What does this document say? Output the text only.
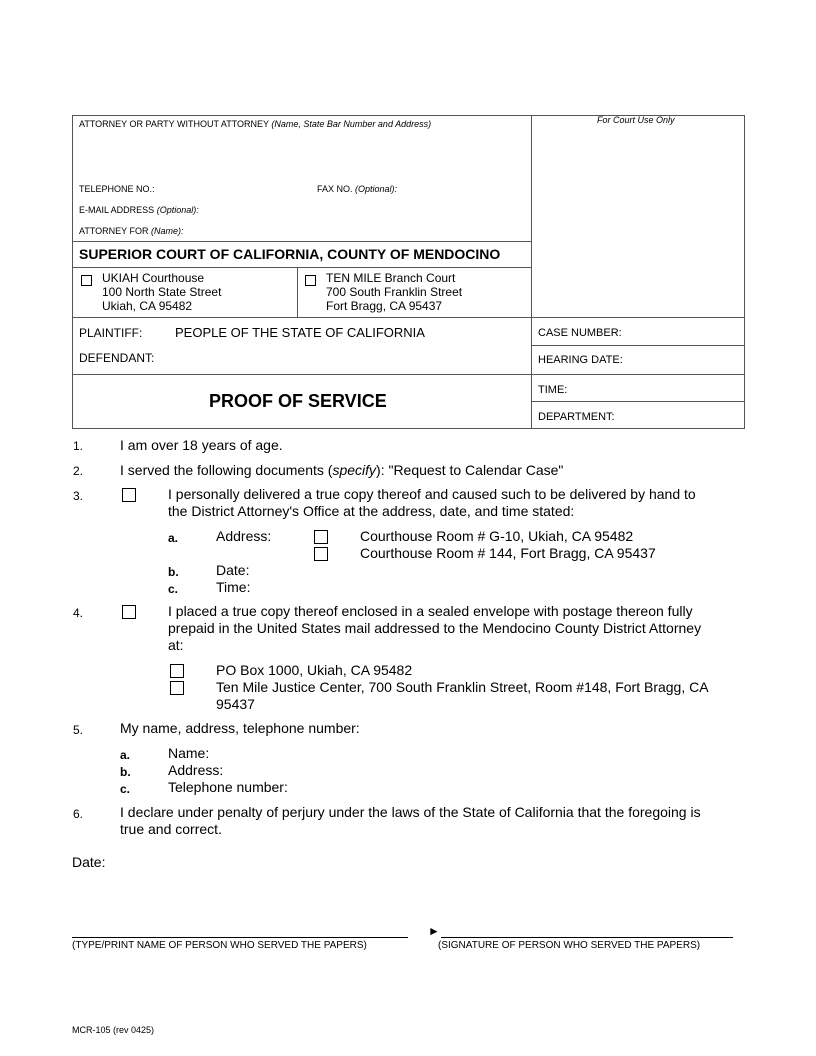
ATTORNEY OR PARTY WITHOUT ATTORNEY (Name, State Bar Number and Address)	For Court Use Only
TELEPHONE NO.:	FAX NO. (Optional):
E-MAIL ADDRESS (Optional):
ATTORNEY FOR (Name):
SUPERIOR COURT OF CALIFORNIA, COUNTY OF MENDOCINO
UKIAH Courthouse
100 North State Street
Ukiah, CA 95482
TEN MILE Branch Court
700 South Franklin Street
Fort Bragg, CA 95437
PLAINTIFF:	PEOPLE OF THE STATE OF CALIFORNIA
DEFENDANT:
CASE NUMBER:
HEARING DATE:
TIME:
DEPARTMENT:
PROOF OF SERVICE
1.	I am over 18 years of age.
2.	I served the following documents (specify): "Request to Calendar Case"
3.	I personally delivered a true copy thereof and caused such to be delivered by hand to
the District Attorney's Office at the address, date, and time stated:
a.	Address:	Courthouse Room # G-10, Ukiah, CA 95482
Courthouse Room # 144, Fort Bragg, CA 95437
b.	Date:
c.	Time:
4.	I placed a true copy thereof enclosed in a sealed envelope with postage thereon fully
prepaid in the United States mail addressed to the Mendocino County District Attorney
at:
PO Box 1000, Ukiah, CA 95482
Ten Mile Justice Center, 700 South Franklin Street, Room #148, Fort Bragg, CA
95437
5.	My name, address, telephone number:
a.	Name:
b.	Address:
c.	Telephone number:
6.	I declare under penalty of perjury under the laws of the State of California that the foregoing is
true and correct.
Date:
(TYPE/PRINT NAME OF PERSON WHO SERVED THE PAPERS)
►
(SIGNATURE OF PERSON WHO SERVED THE PAPERS)
MCR-105 (rev 0425)
